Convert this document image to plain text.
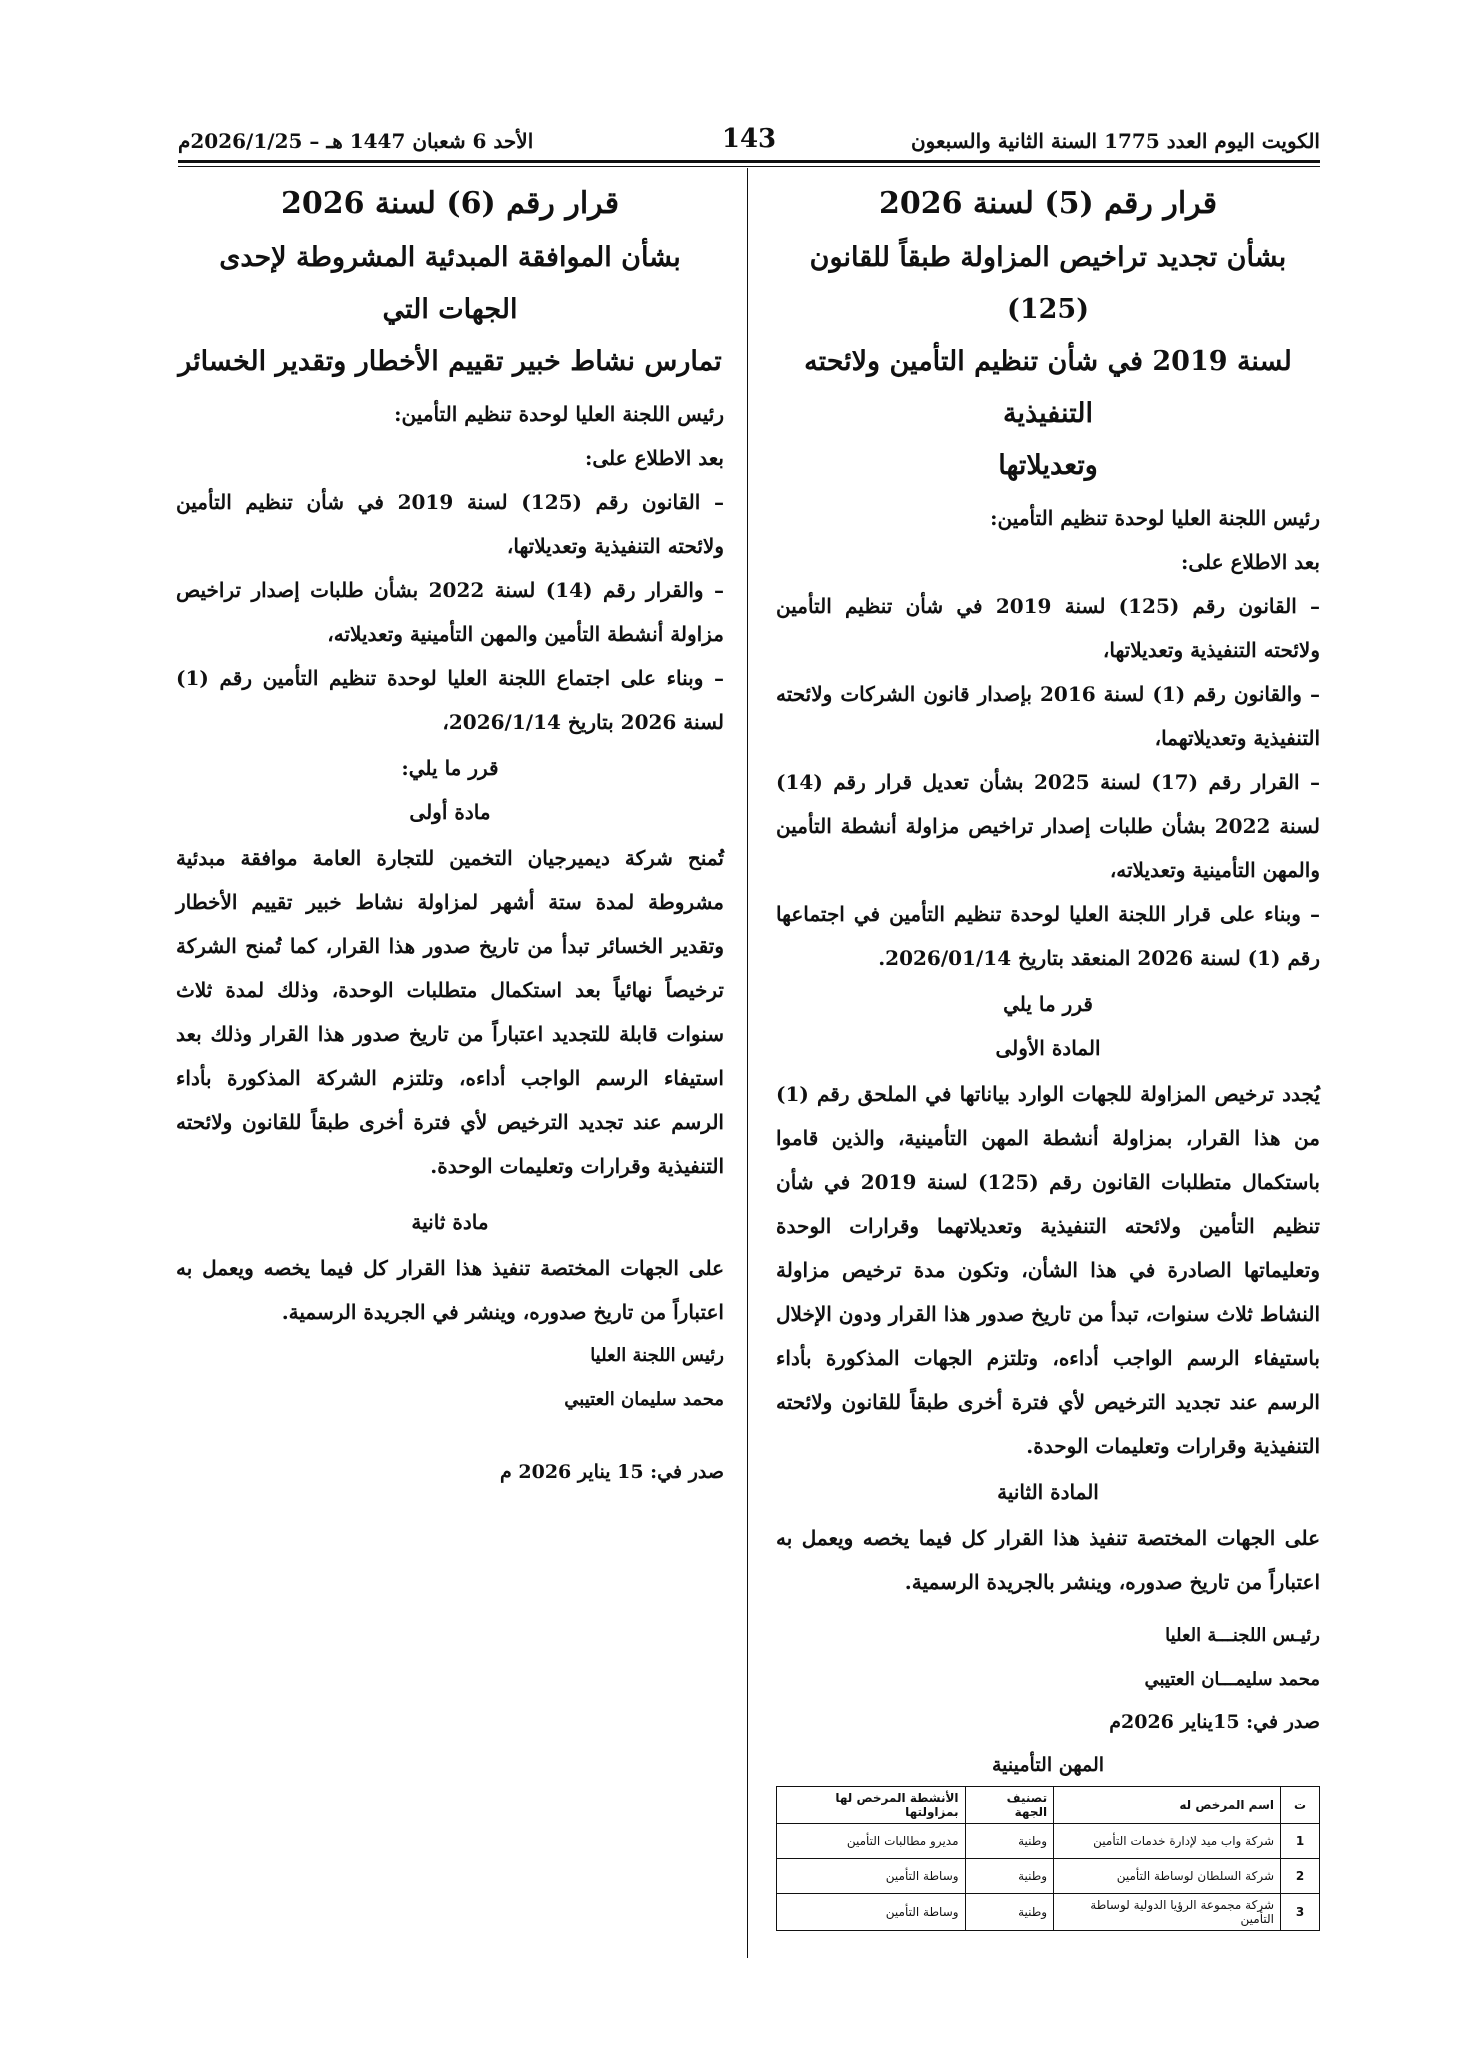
الكويت اليوم العدد 1775 السنة الثانية والسبعون
143
الأحد 6 شعبان 1447 هـ – 2026/1/25م
قرار رقم (5) لسنة 2026
بشأن تجديد تراخيص المزاولة طبقاً للقانون (125)
لسنة 2019 في شأن تنظيم التأمين ولائحته التنفيذية
وتعديلاتها

رئيس اللجنة العليا لوحدة تنظيم التأمين:

بعد الاطلاع على:

– القانون رقم (125) لسنة 2019 في شأن تنظيم التأمين ولائحته التنفيذية وتعديلاتها،

– والقانون رقم (1) لسنة 2016 بإصدار قانون الشركات ولائحته التنفيذية وتعديلاتهما،

– القرار رقم (17) لسنة 2025 بشأن تعديل قرار رقم (14) لسنة 2022 بشأن طلبات إصدار تراخيص مزاولة أنشطة التأمين والمهن التأمينية وتعديلاته،

– وبناء على قرار اللجنة العليا لوحدة تنظيم التأمين في اجتماعها رقم (1) لسنة 2026 المنعقد بتاريخ 2026/01/14.

قرر ما يلي
المادة الأولى

يُجدد ترخيص المزاولة للجهات الوارد بياناتها في الملحق رقم (1) من هذا القرار، بمزاولة أنشطة المهن التأمينية، والذين قاموا باستكمال متطلبات القانون رقم (125) لسنة 2019 في شأن تنظيم التأمين ولائحته التنفيذية وتعديلاتهما وقرارات الوحدة وتعليماتها الصادرة في هذا الشأن، وتكون مدة ترخيص مزاولة النشاط ثلاث سنوات، تبدأ من تاريخ صدور هذا القرار ودون الإخلال باستيفاء الرسم الواجب أداءه، وتلتزم الجهات المذكورة بأداء الرسم عند تجديد الترخيص لأي فترة أخرى طبقاً للقانون ولائحته التنفيذية وقرارات وتعليمات الوحدة.

المادة الثانية

على الجهات المختصة تنفيذ هذا القرار كل فيما يخصه ويعمل به اعتباراً من تاريخ صدوره، وينشر بالجريدة الرسمية.

رئيـس اللجنـــة العليا

محمد سليمـــان العتيبي

صدر في: 15يناير 2026م

المهن التأمينية
ت	اسم المرخص له	تصنيف الجهة	الأنشطة المرخص لها بمزاولتها
1	شركة واب ميد لإدارة خدمات التأمين	وطنية	مديرو مطالبات التأمين
2	شركة السلطان لوساطة التأمين	وطنية	وساطة التأمين
3	شركة مجموعة الرؤيا الدولية لوساطة التأمين	وطنية	وساطة التأمين
قرار رقم (6) لسنة 2026
بشأن الموافقة المبدئية المشروطة لإحدى الجهات التي
تمارس نشاط خبير تقييم الأخطار وتقدير الخسائر

رئيس اللجنة العليا لوحدة تنظيم التأمين:

بعد الاطلاع على:

– القانون رقم (125) لسنة 2019 في شأن تنظيم التأمين ولائحته التنفيذية وتعديلاتها،

– والقرار رقم (14) لسنة 2022 بشأن طلبات إصدار تراخيص مزاولة أنشطة التأمين والمهن التأمينية وتعديلاته،

– وبناء على اجتماع اللجنة العليا لوحدة تنظيم التأمين رقم (1) لسنة 2026 بتاريخ 2026/1/14،

قرر ما يلي:
مادة أولى

تُمنح شركة ديميرجيان التخمين للتجارة العامة موافقة مبدئية مشروطة لمدة ستة أشهر لمزاولة نشاط خبير تقييم الأخطار وتقدير الخسائر تبدأ من تاريخ صدور هذا القرار، كما تُمنح الشركة ترخيصاً نهائياً بعد استكمال متطلبات الوحدة، وذلك لمدة ثلاث سنوات قابلة للتجديد اعتباراً من تاريخ صدور هذا القرار وذلك بعد استيفاء الرسم الواجب أداءه، وتلتزم الشركة المذكورة بأداء الرسم عند تجديد الترخيص لأي فترة أخرى طبقاً للقانون ولائحته التنفيذية وقرارات وتعليمات الوحدة.

مادة ثانية

على الجهات المختصة تنفيذ هذا القرار كل فيما يخصه ويعمل به اعتباراً من تاريخ صدوره، وينشر في الجريدة الرسمية.

رئيس اللجنة العليا

محمد سليمان العتيبي

صدر في: 15 يناير 2026 م
